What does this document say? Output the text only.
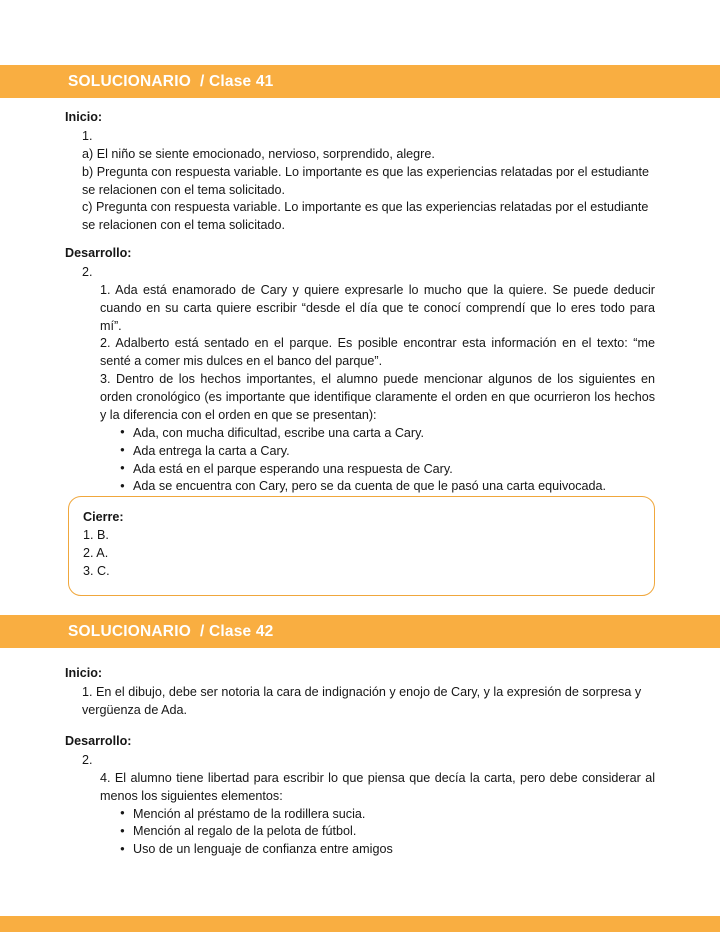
SOLUCIONARIO  / Clase 41
Inicio:
1.
a) El niño se siente emocionado, nervioso, sorprendido, alegre.
b) Pregunta con respuesta variable. Lo importante es que las experiencias relatadas por el estudiante se relacionen con el tema solicitado.
c) Pregunta con respuesta variable. Lo importante es que las experiencias relatadas por el estudiante se relacionen con el tema solicitado.
Desarrollo:
2.
1. Ada está enamorado de Cary y quiere expresarle lo mucho que la quiere. Se puede deducir cuando en su carta quiere escribir “desde el día que te conocí comprendí que lo eres todo para mí”.
2. Adalberto está sentado en el parque. Es posible encontrar esta información en el texto: “me senté a comer mis dulces en el banco del parque”.
3. Dentro de los hechos importantes, el alumno puede mencionar algunos de los siguientes en orden cronológico (es importante que identifique claramente el orden en que ocurrieron los hechos y la diferencia con el orden en que se presentan):
● Ada, con mucha dificultad, escribe una carta a Cary.
● Ada entrega la carta a Cary.
● Ada está en el parque esperando una respuesta de Cary.
● Ada se encuentra con Cary, pero se da cuenta de que le pasó una carta equivocada.
Cierre:
1. B.
2. A.
3. C.
SOLUCIONARIO  / Clase 42
Inicio:
1. En el dibujo, debe ser notoria la cara de indignación y enojo de Cary, y la expresión de sorpresa y vergüenza de Ada.
Desarrollo:
2.
4. El alumno tiene libertad para escribir lo que piensa que decía la carta, pero debe considerar al menos los siguientes elementos:
● Mención al préstamo de la rodillera sucia.
● Mención al regalo de la pelota de fútbol.
● Uso de un lenguaje de confianza entre amigos
